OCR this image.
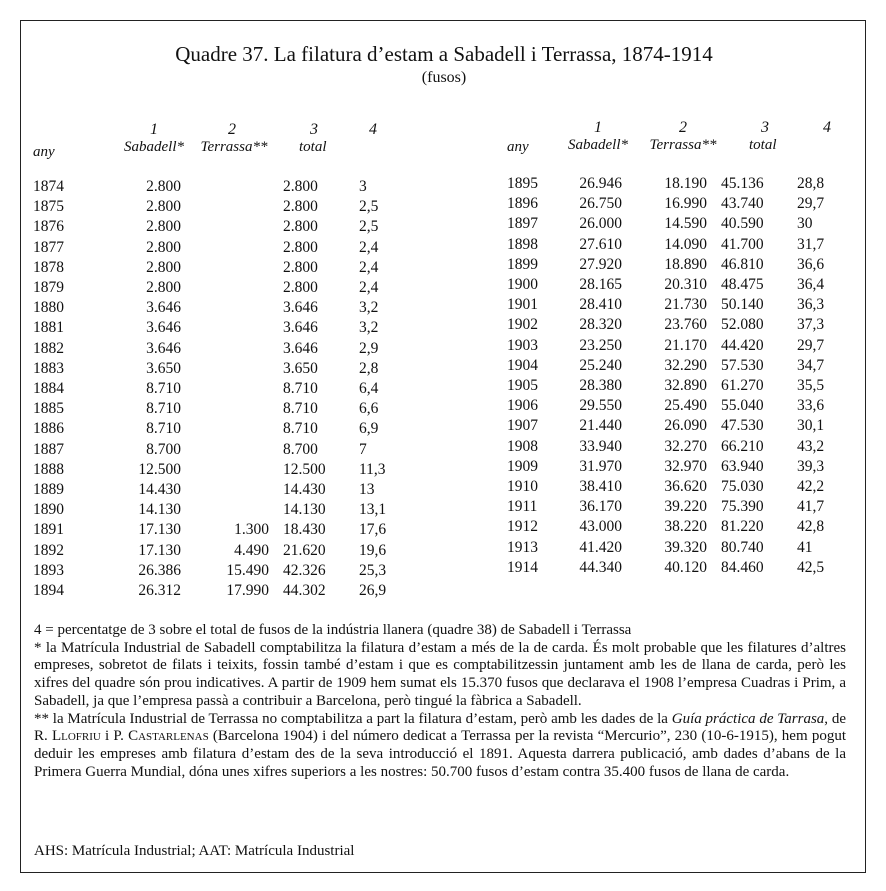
Quadre 37. La filatura d’estam a Sabadell i Terrassa, 1874-1914
(fusos)
1	2	3	4
any	Sabadell*	Terrassa**	total
1	2	3	4
any	Sabadell*	Terrassa**	total
1874	2.800		2.800	3
1875	2.800		2.800	2,5
1876	2.800		2.800	2,5
1877	2.800		2.800	2,4
1878	2.800		2.800	2,4
1879	2.800		2.800	2,4
1880	3.646		3.646	3,2
1881	3.646		3.646	3,2
1882	3.646		3.646	2,9
1883	3.650		3.650	2,8
1884	8.710		8.710	6,4
1885	8.710		8.710	6,6
1886	8.710		8.710	6,9
1887	8.700		8.700	7
1888	12.500		12.500	11,3
1889	14.430		14.430	13
1890	14.130		14.130	13,1
1891	17.130	1.300	18.430	17,6
1892	17.130	4.490	21.620	19,6
1893	26.386	15.490	42.326	25,3
1894	26.312	17.990	44.302	26,9
1895	26.946	18.190	45.136	28,8
1896	26.750	16.990	43.740	29,7
1897	26.000	14.590	40.590	30
1898	27.610	14.090	41.700	31,7
1899	27.920	18.890	46.810	36,6
1900	28.165	20.310	48.475	36,4
1901	28.410	21.730	50.140	36,3
1902	28.320	23.760	52.080	37,3
1903	23.250	21.170	44.420	29,7
1904	25.240	32.290	57.530	34,7
1905	28.380	32.890	61.270	35,5
1906	29.550	25.490	55.040	33,6
1907	21.440	26.090	47.530	30,1
1908	33.940	32.270	66.210	43,2
1909	31.970	32.970	63.940	39,3
1910	38.410	36.620	75.030	42,2
1911	36.170	39.220	75.390	41,7
1912	43.000	38.220	81.220	42,8
1913	41.420	39.320	80.740	41
1914	44.340	40.120	84.460	42,5

4 = percentatge de 3 sobre el total de fusos de la indústria llanera (quadre 38) de Sabadell i Terrassa

* la Matrícula Industrial de Sabadell comptabilitza la filatura d’estam a més de la de carda. És molt probable que les filatures d’altres empreses, sobretot de filats i teixits, fossin també d’estam i que es comptabilitzessin juntament amb les de llana de carda, però les xifres del quadre són prou indicatives. A partir de 1909 hem sumat els 15.370 fusos que declarava el 1908 l’empresa Cuadras i Prim, a Sabadell, ja que l’empresa passà a contribuir a Barcelona, però tingué la fàbrica a Sabadell.

** la Matrícula Industrial de Terrassa no comptabilitza a part la filatura d’estam, però amb les dades de la Guía práctica de Tarrasa, de R. Llofriu i P. Castarlenas (Barcelona 1904) i del número dedicat a Terrassa per la revista “Mercurio”, 230 (10-6-1915), hem pogut deduir les empreses amb filatura d’estam des de la seva introducció el 1891. Aquesta darrera publicació, amb dades d’abans de la Primera Guerra Mundial, dóna unes xifres superiors a les nostres: 50.700 fusos d’estam contra 35.400 fusos de llana de carda.

AHS: Matrícula Industrial; AAT: Matrícula Industrial
